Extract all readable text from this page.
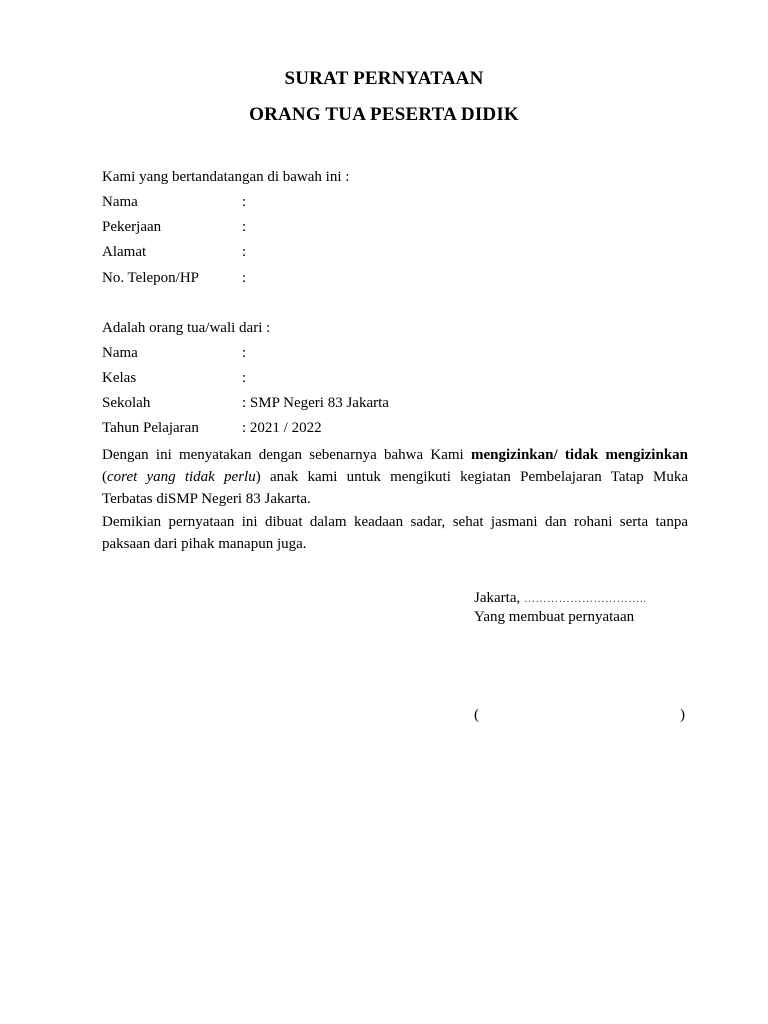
SURAT PERNYATAAN
ORANG TUA PESERTA DIDIK
Kami yang bertandatangan di bawah ini :
Nama	:
Pekerjaan	:
Alamat	:
No. Telepon/HP	:
Adalah orang tua/wali dari :
Nama	:
Kelas	:
Sekolah	: SMP Negeri 83 Jakarta
Tahun Pelajaran	: 2021 / 2022
Dengan ini menyatakan dengan sebenarnya bahwa Kami mengizinkan/ tidak mengizinkan
(coret yang tidak perlu) anak kami untuk mengikuti kegiatan Pembelajaran Tatap Muka
Terbatas diSMP Negeri 83 Jakarta.
Demikian pernyataan ini dibuat dalam keadaan sadar, sehat jasmani dan rohani serta tanpa
paksaan dari pihak manapun juga.
Jakarta, …………………………..
Yang membuat pernyataan
(	)
